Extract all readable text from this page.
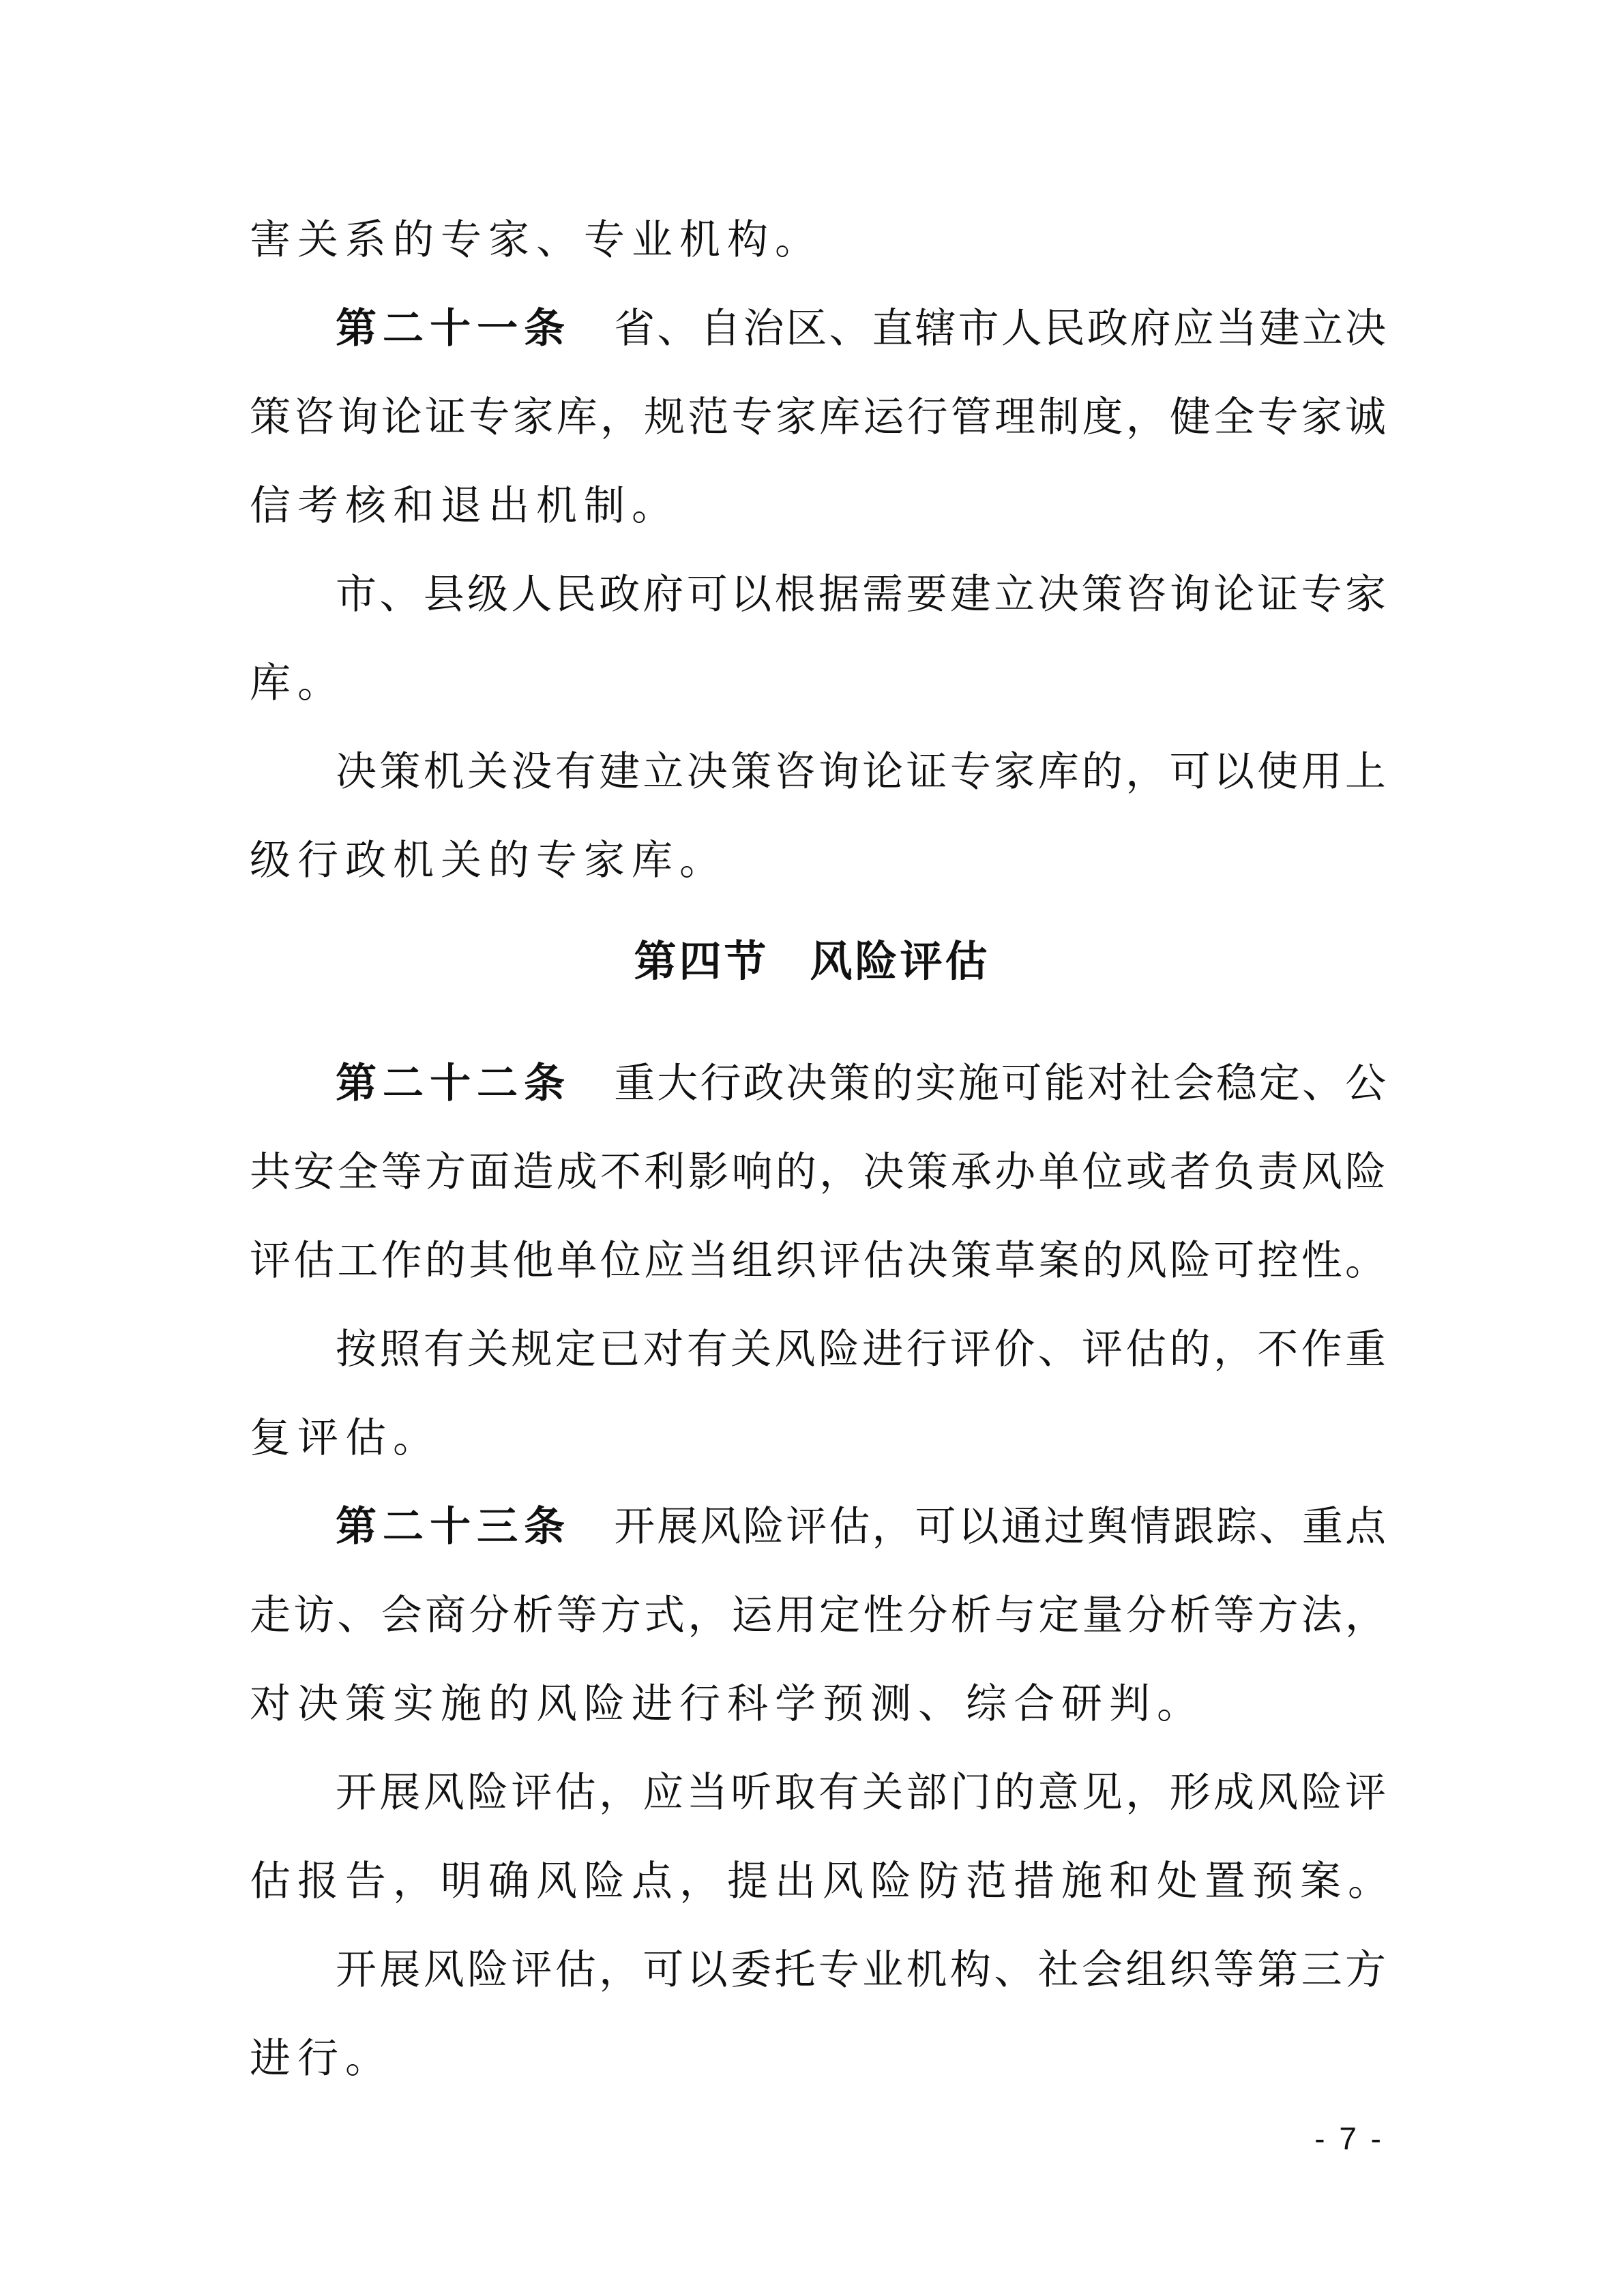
害关系的专家、专业机构。
第二十一条 省、自治区、直辖市人民政府应当建立决
策咨询论证专家库，规范专家库运行管理制度，健全专家诚
信考核和退出机制。
市、县级人民政府可以根据需要建立决策咨询论证专家
库。
决策机关没有建立决策咨询论证专家库的，可以使用上
级行政机关的专家库。
第四节 风险评估
第二十二条 重大行政决策的实施可能对社会稳定、公
共安全等方面造成不利影响的，决策承办单位或者负责风险
评估工作的其他单位应当组织评估决策草案的风险可控性。
按照有关规定已对有关风险进行评价、评估的，不作重
复评估。
第二十三条 开展风险评估，可以通过舆情跟踪、重点
走访、会商分析等方式，运用定性分析与定量分析等方法，
对决策实施的风险进行科学预测、综合研判。
开展风险评估，应当听取有关部门的意见，形成风险评
估报告，明确风险点，提出风险防范措施和处置预案。
开展风险评估，可以委托专业机构、社会组织等第三方
进行。
- 7 -
